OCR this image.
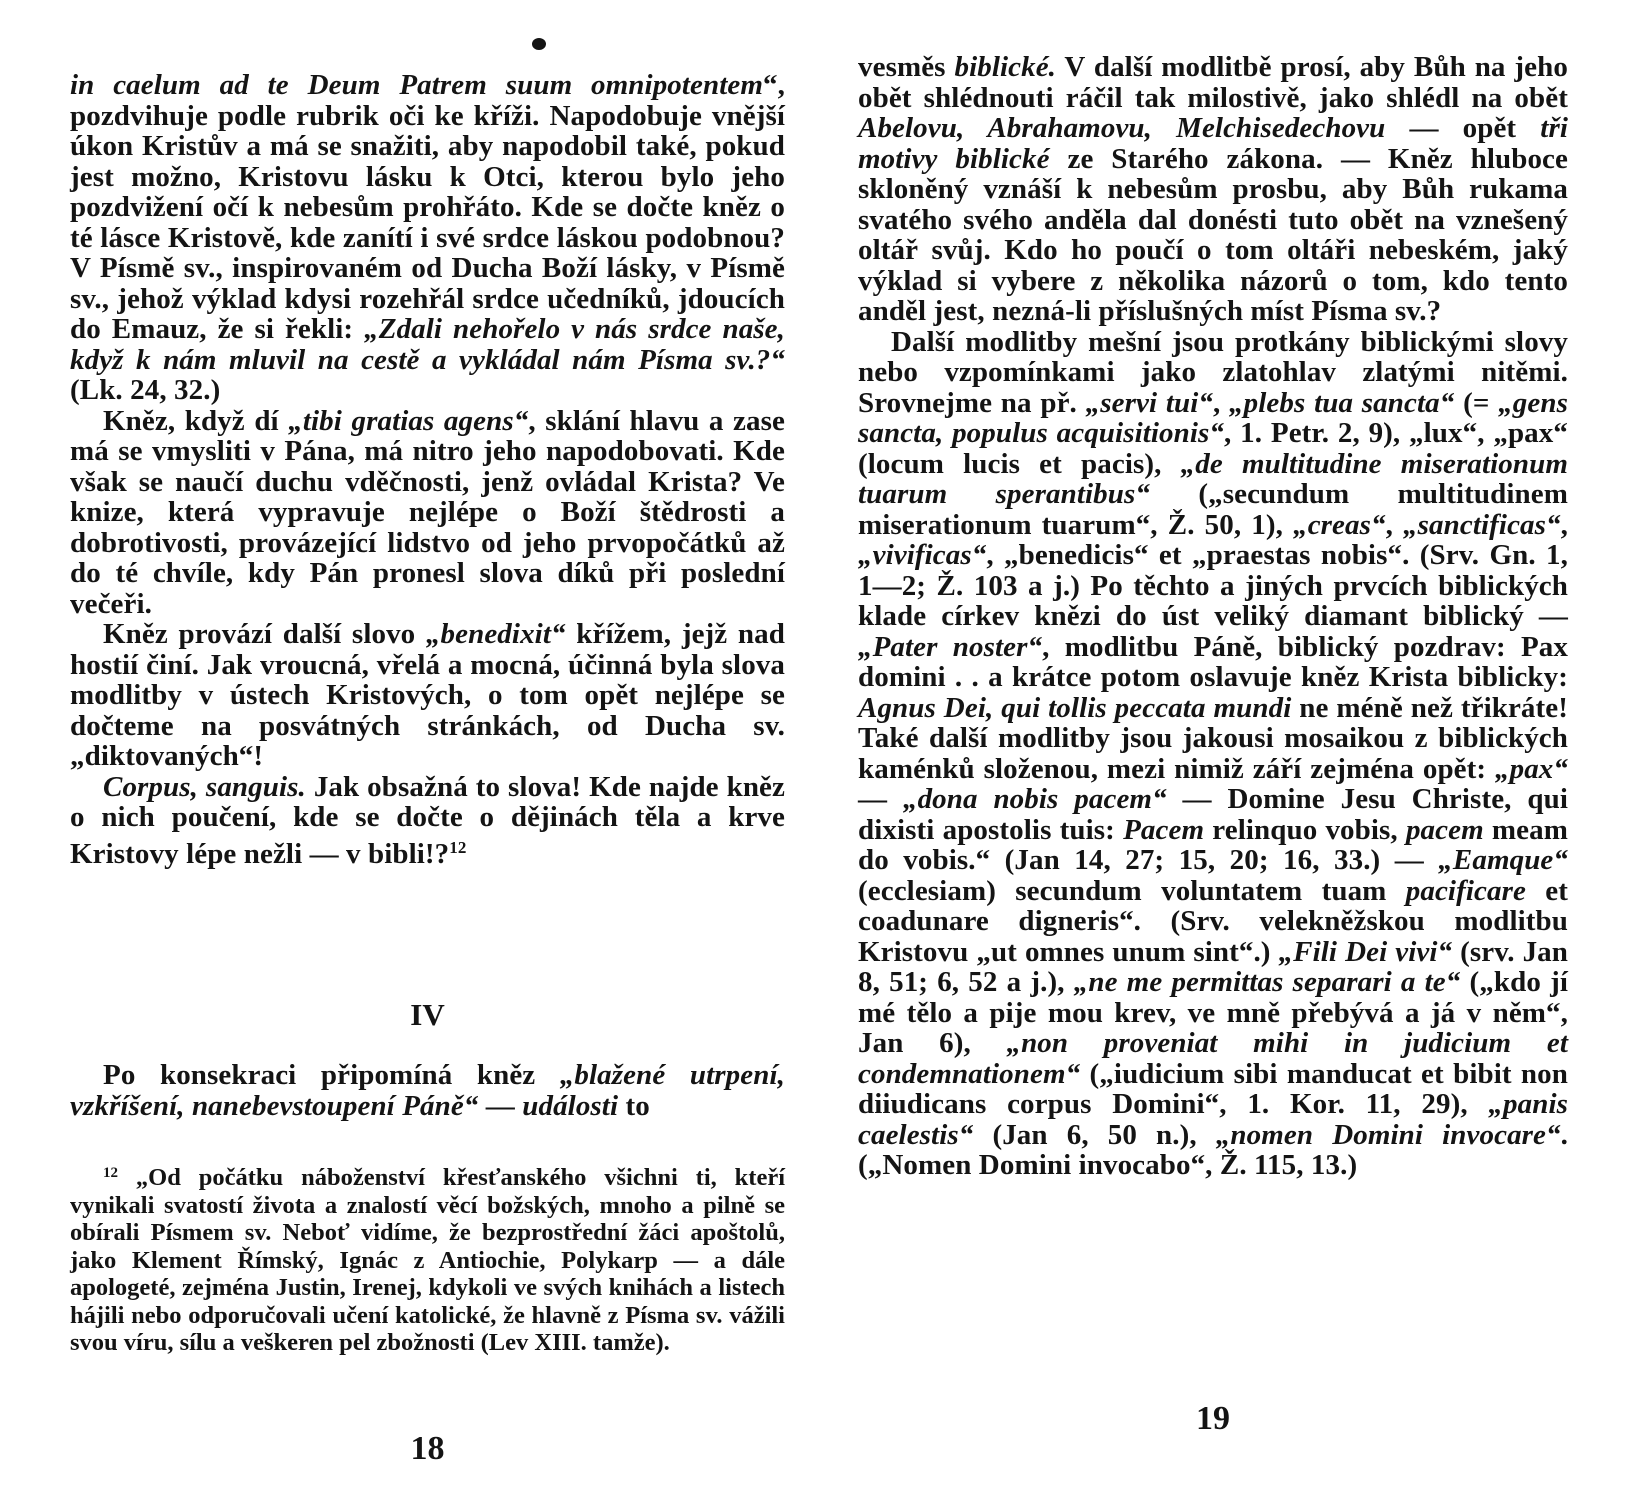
in caelum ad te Deum Patrem suum omnipotentem“, pozdvihuje podle rubrik oči ke kříži. Napodobuje vnější úkon Kristův a má se snažiti, aby napodobil také, pokud jest možno, Kristovu lásku k Otci, kterou bylo jeho pozdvižení očí k nebesům prohřáto. Kde se dočte kněz o té lásce Kristově, kde zanítí i své srdce láskou podobnou? V Písmě sv., inspirovaném od Ducha Boží lásky, v Písmě sv., jehož výklad kdysi rozehřál srdce učedníků, jdoucích do Emauz, že si řekli: „Zdali nehořelo v nás srdce naše, když k nám mluvil na cestě a vykládal nám Písma sv.?“ (Lk. 24, 32.)

Kněz, když dí „tibi gratias agens“, sklání hlavu a zase má se vmysliti v Pána, má nitro jeho napodobovati. Kde však se naučí duchu vděčnosti, jenž ovládal Krista? Ve knize, která vypravuje nejlépe o Boží štědrosti a dobrotivosti, provázející lidstvo od jeho prvopočátků až do té chvíle, kdy Pán pronesl slova díků při poslední večeři.

Kněz provází další slovo „benedixit“ křížem, jejž nad hostií činí. Jak vroucná, vřelá a mocná, účinná byla slova modlitby v ústech Kristových, o tom opět nejlépe se dočteme na posvátných stránkách, od Ducha sv. „diktovaných“!

Corpus, sanguis. Jak obsažná to slova! Kde najde kněz o nich poučení, kde se dočte o dějinách těla a krve Kristovy lépe nežli — v bibli!?$^{12}$

IV

Po konsekraci připomíná kněz „blažené utrpení, vzkříšení, nanebevstoupení Páně“ — události to

$^{12}$ „Od počátku náboženství křesťanského všichni ti, kteří vynikali svatostí života a znalostí věcí božských, mnoho a pilně se obírali Písmem sv. Neboť vidíme, že bezprostřední žáci apoštolů, jako Klement Římský, Ignác z Antiochie, Polykarp — a dále apologeté, zejména Justin, Irenej, kdykoli ve svých knihách a listech hájili nebo odporučovali učení katolické, že hlavně z Písma sv. vážili svou víru, sílu a veškeren pel zbožnosti (Lev XIII. tamže).
18

vesměs biblické. V další modlitbě prosí, aby Bůh na jeho obět shlédnouti ráčil tak milostivě, jako shlédl na obět Abelovu, Abrahamovu, Melchisedechovu — opět tři motivy biblické ze Starého zákona. — Kněz hluboce skloněný vznáší k nebesům prosbu, aby Bůh rukama svatého svého anděla dal donésti tuto obět na vznešený oltář svůj. Kdo ho poučí o tom oltáři nebeském, jaký výklad si vybere z několika názorů o tom, kdo tento anděl jest, nezná-li příslušných míst Písma sv.?

Další modlitby mešní jsou protkány biblickými slovy nebo vzpomínkami jako zlatohlav zlatými nitěmi. Srovnejme na př. „servi tui“, „plebs tua sancta“ (= „gens sancta, populus acquisitionis“, 1. Petr. 2, 9), „lux“, „pax“ (locum lucis et pacis), „de multitudine miserationum tuarum sperantibus“ („secundum multitudinem miserationum tuarum“, Ž. 50, 1), „creas“, „sanctificas“, „vivificas“, „benedicis“ et „praestas nobis“. (Srv. Gn. 1, 1—2; Ž. 103 a j.) Po těchto a jiných prvcích biblických klade církev knězi do úst veliký diamant biblický — „Pater noster“, modlitbu Páně, biblický pozdrav: Pax domini . . a krátce potom oslavuje kněz Krista biblicky: Agnus Dei, qui tollis peccata mundi ne méně než třikráte! Také další modlitby jsou jakousi mosaikou z biblických kaménků složenou, mezi nimiž září zejména opět: „pax“ — „dona nobis pacem“ — Domine Jesu Christe, qui dixisti apostolis tuis: Pacem relinquo vobis, pacem meam do vobis.“ (Jan 14, 27; 15, 20; 16, 33.) — „Eamque“ (ecclesiam) secundum voluntatem tuam pacificare et coadunare digneris“. (Srv. velekněžskou modlitbu Kristovu „ut omnes unum sint“.) „Fili Dei vivi“ (srv. Jan 8, 51; 6, 52 a j.), „ne me permittas separari a te“ („kdo jí mé tělo a pije mou krev, ve mně přebývá a já v něm“, Jan 6), „non proveniat mihi in judicium et condemnationem“ („iudicium sibi manducat et bibit non diiudicans corpus Domini“, 1. Kor. 11, 29), „panis caelestis“ (Jan 6, 50 n.), „nomen Domini invocare“. („Nomen Domini invocabo“, Ž. 115, 13.)

19
